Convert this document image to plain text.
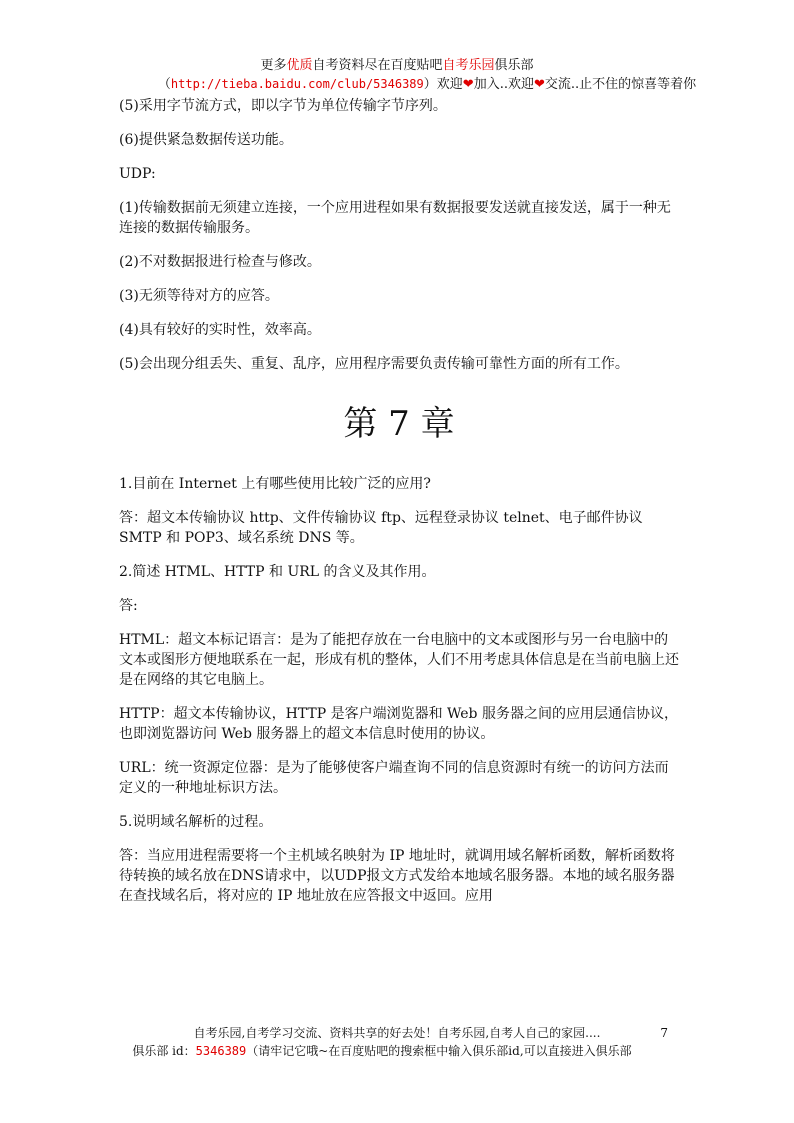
更多优质自考资料尽在百度贴吧自考乐园俱乐部
（http://tieba.baidu.com/club/5346389）欢迎❤加入..欢迎❤交流..止不住的惊喜等着你

(5)采用字节流方式，即以字节为单位传输字节序列。

(6)提供紧急数据传送功能。

UDP:

(1)传输数据前无须建立连接，一个应用进程如果有数据报要发送就直接发送，属于一种无连接的数据传输服务。

(2)不对数据报进行检查与修改。

(3)无须等待对方的应答。

(4)具有较好的实时性，效率高。

(5)会出现分组丢失、重复、乱序，应用程序需要负责传输可靠性方面的所有工作。

第 7 章

1.目前在 Internet 上有哪些使用比较广泛的应用?

答：超文本传输协议 http、文件传输协议 ftp、远程登录协议 telnet、电子邮件协议 SMTP 和 POP3、域名系统 DNS 等。

2.简述 HTML、HTTP 和 URL 的含义及其作用。

答:

HTML：超文本标记语言：是为了能把存放在一台电脑中的文本或图形与另一台电脑中的文本或图形方便地联系在一起，形成有机的整体，人们不用考虑具体信息是在当前电脑上还是在网络的其它电脑上。

HTTP：超文本传输协议，HTTP 是客户端浏览器和 Web 服务器之间的应用层通信协议，也即浏览器访问 Web 服务器上的超文本信息时使用的协议。

URL：统一资源定位器：是为了能够使客户端查询不同的信息资源时有统一的访问方法而定义的一种地址标识方法。

5.说明域名解析的过程。

答：当应用进程需要将一个主机域名映射为 IP 地址时，就调用域名解析函数，解析函数将待转换的域名放在DNS请求中，以UDP报文方式发给本地域名服务器。本地的域名服务器在查找域名后，将对应的 IP 地址放在应答报文中返回。应用

自考乐园,自考学习交流、资料共享的好去处！自考乐园,自考人自己的家园....	7
俱乐部 id：5346389（请牢记它哦~在百度贴吧的搜索框中输入俱乐部id,可以直接进入俱乐部
